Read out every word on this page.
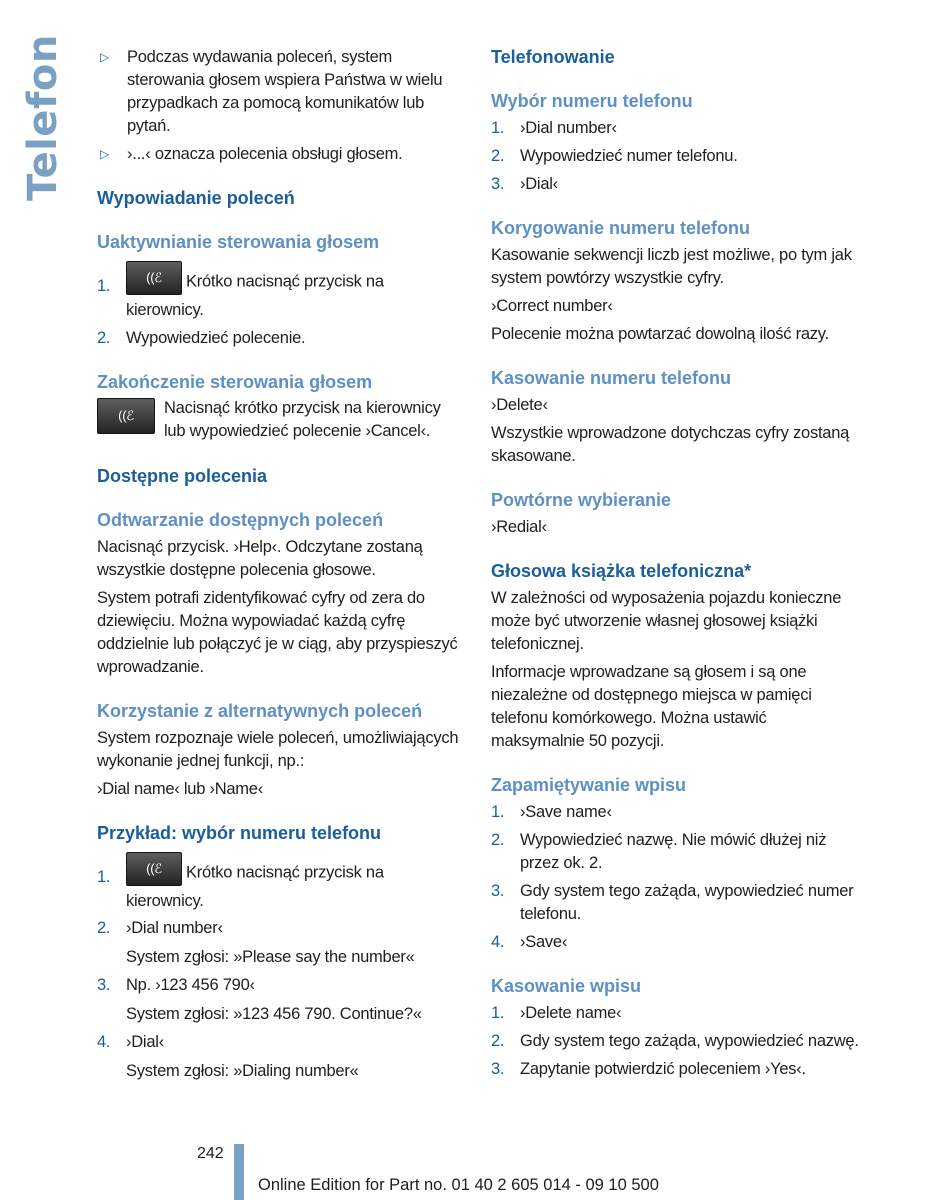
Telefon	▷	Podczas wydawania poleceń, system sterowania głosem wspiera Państwa w wielu przypadkach za pomocą komunikatów lub pytań.
▷	›...‹ oznacza polecenia obsługi głosem.
Wypowiadanie poleceń
Uaktywnianie sterowania głosem
1.	((ℰ Krótko nacisnąć przycisk na kierownicy.
2. Wypowiedzieć polecenie.
Zakończenie sterowania głosem
((ℰ	Nacisnąć krótko przycisk na kierownicy lub wypowiedzieć polecenie ›Cancel‹.
Dostępne polecenia
Odtwarzanie dostępnych poleceń
Nacisnąć przycisk. ›Help‹. Odczytane zostaną wszystkie dostępne polecenia głosowe.
System potrafi zidentyfikować cyfry od zera do dziewięciu. Można wypowiadać każdą cyfrę oddzielnie lub połączyć je w ciąg, aby przyspieszyć wprowadzanie.
Korzystanie z alternatywnych poleceń
System rozpoznaje wiele poleceń, umożliwiających wykonanie jednej funkcji, np.:
›Dial name‹ lub ›Name‹
Przykład: wybór numeru telefonu
1.	((ℰ Krótko nacisnąć przycisk na kierownicy.
2. ›Dial number‹
System zgłosi: »Please say the number«
3. Np. ›123 456 790‹
System zgłosi: »123 456 790. Continue?«
4. ›Dial‹
System zgłosi: »Dialing number«
Telefonowanie
Wybór numeru telefonu
1. ›Dial number‹
2. Wypowiedzieć numer telefonu.
3. ›Dial‹
Korygowanie numeru telefonu
Kasowanie sekwencji liczb jest możliwe, po tym jak system powtórzy wszystkie cyfry.
›Correct number‹
Polecenie można powtarzać dowolną ilość razy.
Kasowanie numeru telefonu
›Delete‹
Wszystkie wprowadzone dotychczas cyfry zostaną skasowane.
Powtórne wybieranie
›Redial‹
Głosowa książka telefoniczna*
W zależności od wyposażenia pojazdu konieczne może być utworzenie własnej głosowej książki telefonicznej.
Informacje wprowadzane są głosem i są one niezależne od dostępnego miejsca w pamięci telefonu komórkowego. Można ustawić maksymalnie 50 pozycji.
Zapamiętywanie wpisu
1. ›Save name‹
2. Wypowiedzieć nazwę. Nie mówić dłużej niż przez ok. 2.
3. Gdy system tego zażąda, wypowiedzieć numer telefonu.
4. ›Save‹
Kasowanie wpisu
1. ›Delete name‹
2. Gdy system tego zażąda, wypowiedzieć nazwę.
3. Zapytanie potwierdzić poleceniem ›Yes‹.
242
Online Edition for Part no. 01 40 2 605 014 - 09 10 500
